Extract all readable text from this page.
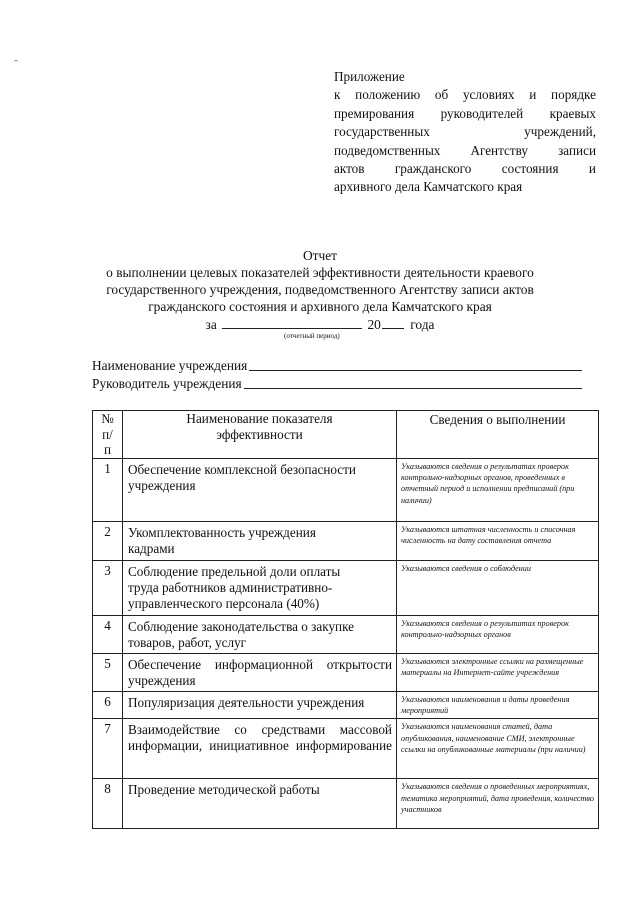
Приложение
к положению об условиях и порядке
премирования руководителей краевых
государственных учреждений,
подведомственных Агентству записи
актов гражданского состояния и
архивного дела Камчатского края
Отчет
о выполнении целевых показателей эффективности деятельности краевого
государственного учреждения, подведомственного Агентству записи актов
гражданского состояния и архивного дела Камчатского края
за	20 года
(отчетный период)
Наименование учреждения
Руководитель учреждения
№ п/п	Наименование показателя эффективности	Сведения о выполнении
1	Обеспечение комплексной безопасности учреждения	Указываются сведения о результатах проверок контрольно-надзорных органов, проведенных в отчетный период и исполнении предписаний (при наличии)
2	Укомплектованность учреждения кадрами	Указываются штатная численность и списочная численность на дату составления отчета
3	Соблюдение предельной доли оплаты труда работников административно-управленческого персонала (40%)	Указываются сведения о соблюдении
4	Соблюдение законодательства о закупке товаров, работ, услуг	Указываются сведения о результатах проверок контрольно-надзорных органов
5	Обеспечение информационной открытости учреждения	Указываются электронные ссылки на размещенные материалы на Интернет-сайте учреждения
6	Популяризация деятельности учреждения	Указываются наименования и даты проведения мероприятий
7	Взаимодействие со средствами массовой информации, инициативное информирование	Указываются наименования статей, дата опубликования, наименование СМИ, электронные ссылки на опубликованные материалы (при наличии)
8	Проведение методической работы	Указываются сведения о проведенных мероприятиях, тематика мероприятий, дата проведения, количество участников
